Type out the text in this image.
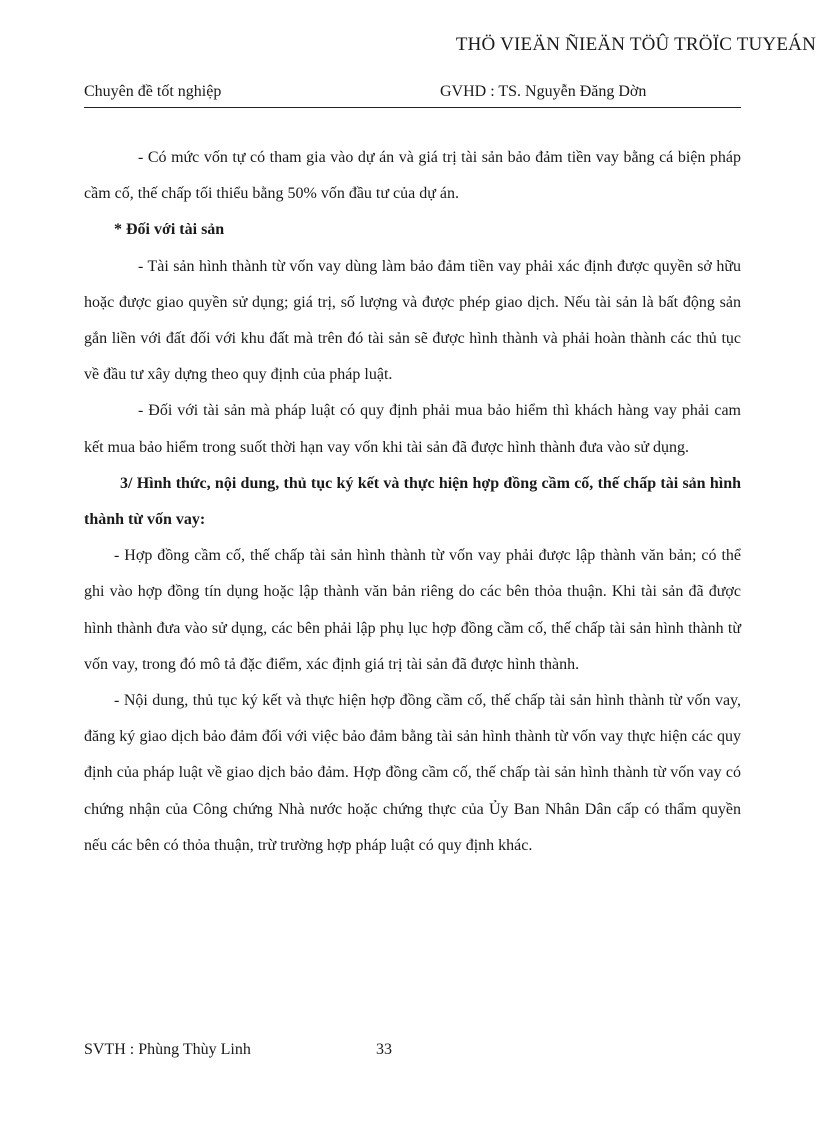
THÖ VIEÄN ÑIEÄN TÖÛ TRÖÏC TUYEÁN
Chuyên đề tốt nghiệp	GVHD : TS. Nguyễn Đăng Dờn

- Có mức vốn tự có tham gia vào dự án và giá trị tài sản bảo đảm tiền vay bằng cá biện pháp cầm cố, thế chấp tối thiểu bằng 50% vốn đầu tư của dự án.

* Đối với tài sản

- Tài sản hình thành từ vốn vay dùng làm bảo đảm tiền vay phải xác định được quyền sở hữu hoặc được giao quyền sử dụng; giá trị, số lượng và được phép giao dịch. Nếu tài sản là bất động sản gắn liền với đất đối với khu đất mà trên đó tài sản sẽ được hình thành và phải hoàn thành các thủ tục về đầu tư xây dựng theo quy định của pháp luật.

- Đối với tài sản mà pháp luật có quy định phải mua bảo hiểm thì khách hàng vay phải cam kết mua bảo hiểm trong suốt thời hạn vay vốn khi tài sản đã được hình thành đưa vào sử dụng.

3/ Hình thức, nội dung, thủ tục ký kết và thực hiện hợp đồng cầm cố, thế chấp tài sản hình thành từ vốn vay:

- Hợp đồng cầm cố, thế chấp tài sản hình thành từ vốn vay phải được lập thành văn bản; có thể ghi vào hợp đồng tín dụng hoặc lập thành văn bản riêng do các bên thỏa thuận. Khi tài sản đã được hình thành đưa vào sử dụng, các bên phải lập phụ lục hợp đồng cầm cố, thế chấp tài sản hình thành từ vốn vay, trong đó mô tả đặc điểm, xác định giá trị tài sản đã được hình thành.

- Nội dung, thủ tục ký kết và thực hiện hợp đồng cầm cố, thế chấp tài sản hình thành từ vốn vay, đăng ký giao dịch bảo đảm đối với việc bảo đảm bằng tài sản hình thành từ vốn vay thực hiện các quy định của pháp luật về giao dịch bảo đảm. Hợp đồng cầm cố, thế chấp tài sản hình thành từ vốn vay có chứng nhận của Công chứng Nhà nước hoặc chứng thực của Ủy Ban Nhân Dân cấp có thẩm quyền nếu các bên có thỏa thuận, trừ trường hợp pháp luật có quy định khác.

SVTH : Phùng Thùy Linh	33
